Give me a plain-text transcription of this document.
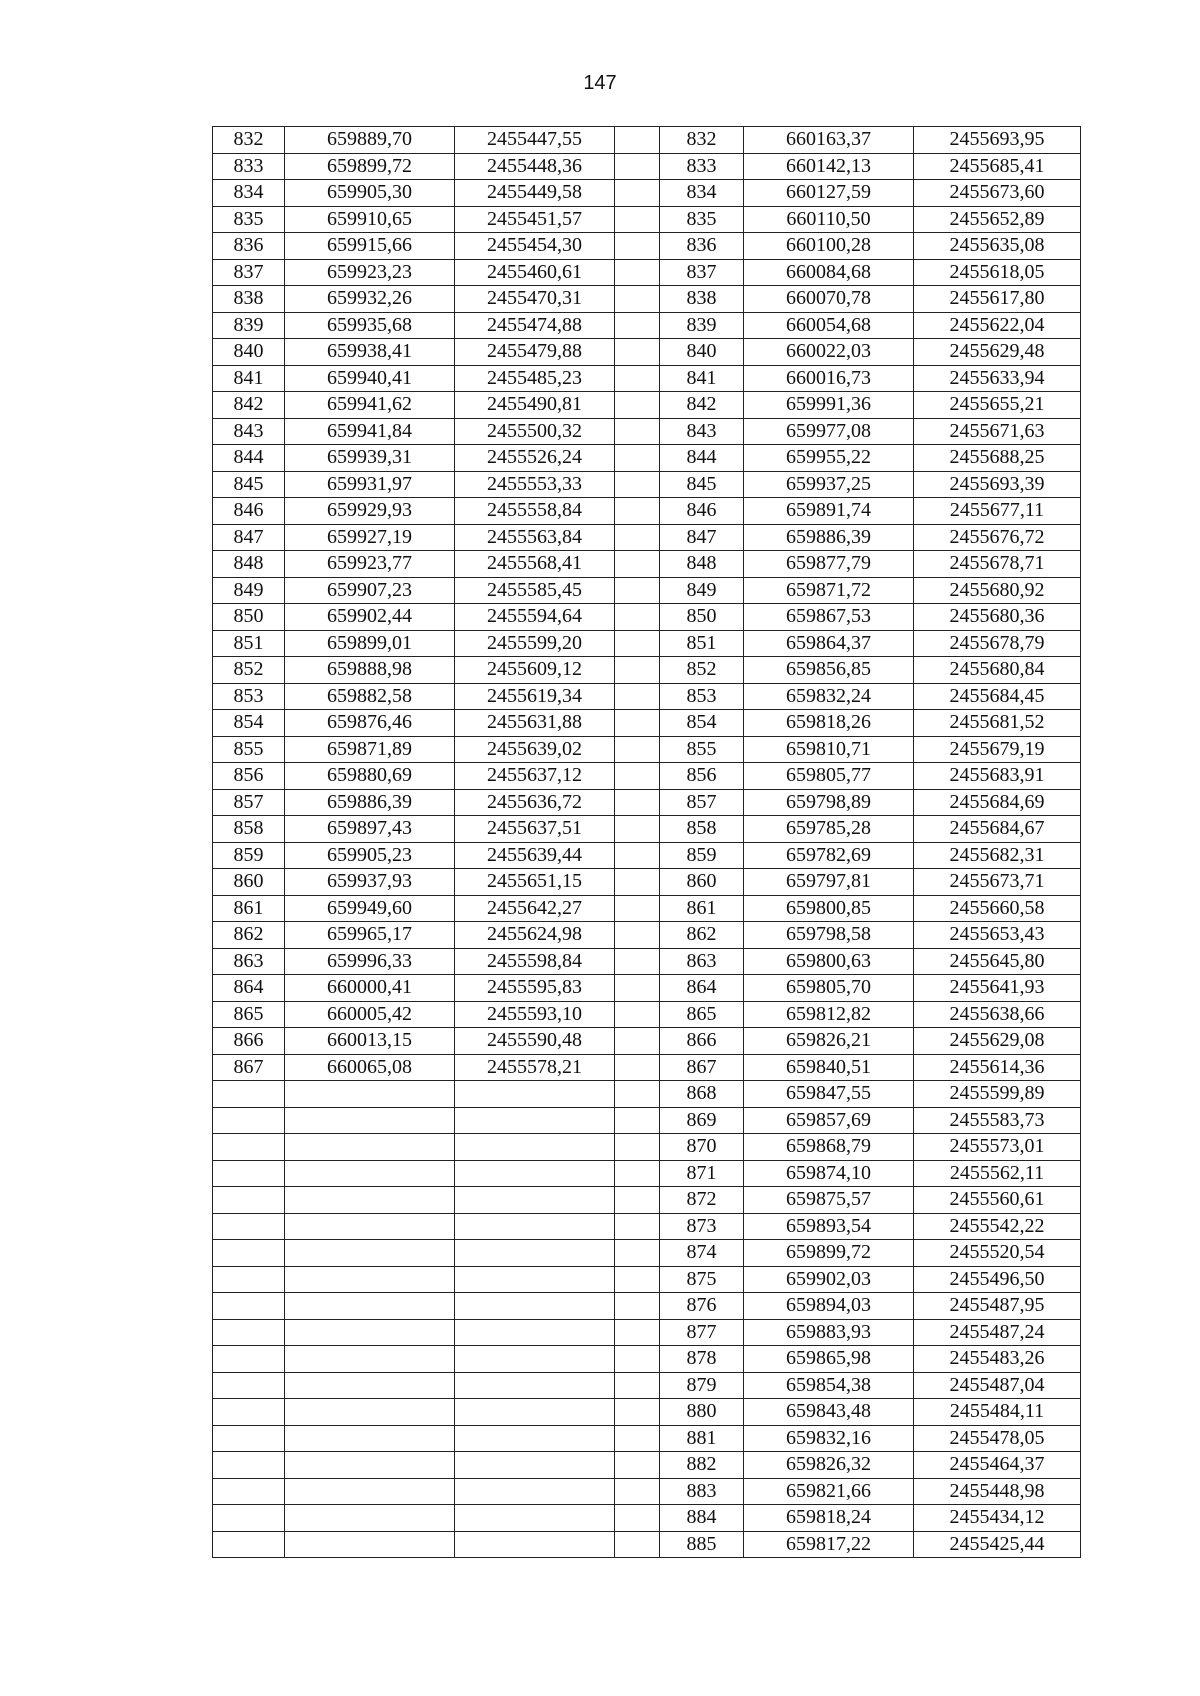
147
832	659889,70	2455447,55		832	660163,37	2455693,95
833	659899,72	2455448,36		833	660142,13	2455685,41
834	659905,30	2455449,58		834	660127,59	2455673,60
835	659910,65	2455451,57		835	660110,50	2455652,89
836	659915,66	2455454,30		836	660100,28	2455635,08
837	659923,23	2455460,61		837	660084,68	2455618,05
838	659932,26	2455470,31		838	660070,78	2455617,80
839	659935,68	2455474,88		839	660054,68	2455622,04
840	659938,41	2455479,88		840	660022,03	2455629,48
841	659940,41	2455485,23		841	660016,73	2455633,94
842	659941,62	2455490,81		842	659991,36	2455655,21
843	659941,84	2455500,32		843	659977,08	2455671,63
844	659939,31	2455526,24		844	659955,22	2455688,25
845	659931,97	2455553,33		845	659937,25	2455693,39
846	659929,93	2455558,84		846	659891,74	2455677,11
847	659927,19	2455563,84		847	659886,39	2455676,72
848	659923,77	2455568,41		848	659877,79	2455678,71
849	659907,23	2455585,45		849	659871,72	2455680,92
850	659902,44	2455594,64		850	659867,53	2455680,36
851	659899,01	2455599,20		851	659864,37	2455678,79
852	659888,98	2455609,12		852	659856,85	2455680,84
853	659882,58	2455619,34		853	659832,24	2455684,45
854	659876,46	2455631,88		854	659818,26	2455681,52
855	659871,89	2455639,02		855	659810,71	2455679,19
856	659880,69	2455637,12		856	659805,77	2455683,91
857	659886,39	2455636,72		857	659798,89	2455684,69
858	659897,43	2455637,51		858	659785,28	2455684,67
859	659905,23	2455639,44		859	659782,69	2455682,31
860	659937,93	2455651,15		860	659797,81	2455673,71
861	659949,60	2455642,27		861	659800,85	2455660,58
862	659965,17	2455624,98		862	659798,58	2455653,43
863	659996,33	2455598,84		863	659800,63	2455645,80
864	660000,41	2455595,83		864	659805,70	2455641,93
865	660005,42	2455593,10		865	659812,82	2455638,66
866	660013,15	2455590,48		866	659826,21	2455629,08
867	660065,08	2455578,21		867	659840,51	2455614,36
				868	659847,55	2455599,89
				869	659857,69	2455583,73
				870	659868,79	2455573,01
				871	659874,10	2455562,11
				872	659875,57	2455560,61
				873	659893,54	2455542,22
				874	659899,72	2455520,54
				875	659902,03	2455496,50
				876	659894,03	2455487,95
				877	659883,93	2455487,24
				878	659865,98	2455483,26
				879	659854,38	2455487,04
				880	659843,48	2455484,11
				881	659832,16	2455478,05
				882	659826,32	2455464,37
				883	659821,66	2455448,98
				884	659818,24	2455434,12
				885	659817,22	2455425,44
